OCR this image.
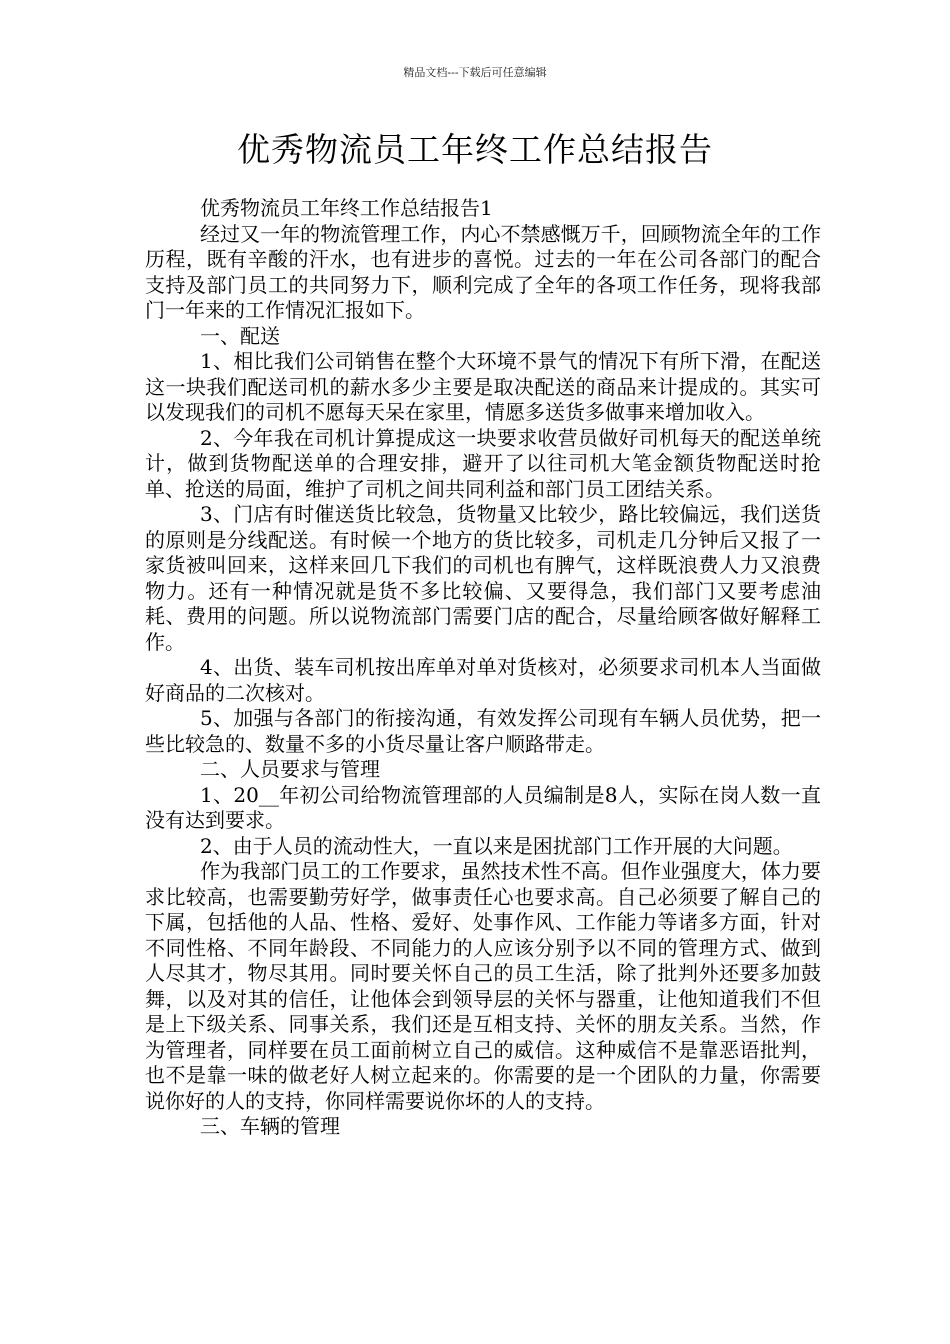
精品文档---下载后可任意编辑
优秀物流员工年终工作总结报告

优秀物流员工年终工作总结报告1

经过又一年的物流管理工作，内心不禁感慨万千，回顾物流全年的工作历程，既有辛酸的汗水，也有进步的喜悦。过去的一年在公司各部门的配合支持及部门员工的共同努力下，顺利完成了全年的各项工作任务，现将我部门一年来的工作情况汇报如下。

一、配送

1、相比我们公司销售在整个大环境不景气的情况下有所下滑，在配送这一块我们配送司机的薪水多少主要是取决配送的商品来计提成的。其实可以发现我们的司机不愿每天呆在家里，情愿多送货多做事来增加收入。

2、今年我在司机计算提成这一块要求收营员做好司机每天的配送单统计，做到货物配送单的合理安排，避开了以往司机大笔金额货物配送时抢单、抢送的局面，维护了司机之间共同利益和部门员工团结关系。

3、门店有时催送货比较急，货物量又比较少，路比较偏远，我们送货的原则是分线配送。有时候一个地方的货比较多，司机走几分钟后又报了一家货被叫回来，这样来回几下我们的司机也有脾气，这样既浪费人力又浪费物力。还有一种情况就是货不多比较偏、又要得急，我们部门又要考虑油耗、费用的问题。所以说物流部门需要门店的配合，尽量给顾客做好解释工作。

4、出货、装车司机按出库单对单对货核对，必须要求司机本人当面做好商品的二次核对。

5、加强与各部门的衔接沟通，有效发挥公司现有车辆人员优势，把一些比较急的、数量不多的小货尽量让客户顺路带走。

二、人员要求与管理

1、20__年初公司给物流管理部的人员编制是8人，实际在岗人数一直没有达到要求。

2、由于人员的流动性大，一直以来是困扰部门工作开展的大问题。

作为我部门员工的工作要求，虽然技术性不高。但作业强度大，体力要求比较高，也需要勤劳好学，做事责任心也要求高。自己必须要了解自己的下属，包括他的人品、性格、爱好、处事作风、工作能力等诸多方面，针对不同性格、不同年龄段、不同能力的人应该分别予以不同的管理方式、做到人尽其才，物尽其用。同时要关怀自己的员工生活，除了批判外还要多加鼓舞，以及对其的信任，让他体会到领导层的关怀与器重，让他知道我们不但是上下级关系、同事关系，我们还是互相支持、关怀的朋友关系。当然，作为管理者，同样要在员工面前树立自己的威信。这种威信不是靠恶语批判，也不是靠一味的做老好人树立起来的。你需要的是一个团队的力量，你需要说你好的人的支持，你同样需要说你坏的人的支持。

三、车辆的管理
